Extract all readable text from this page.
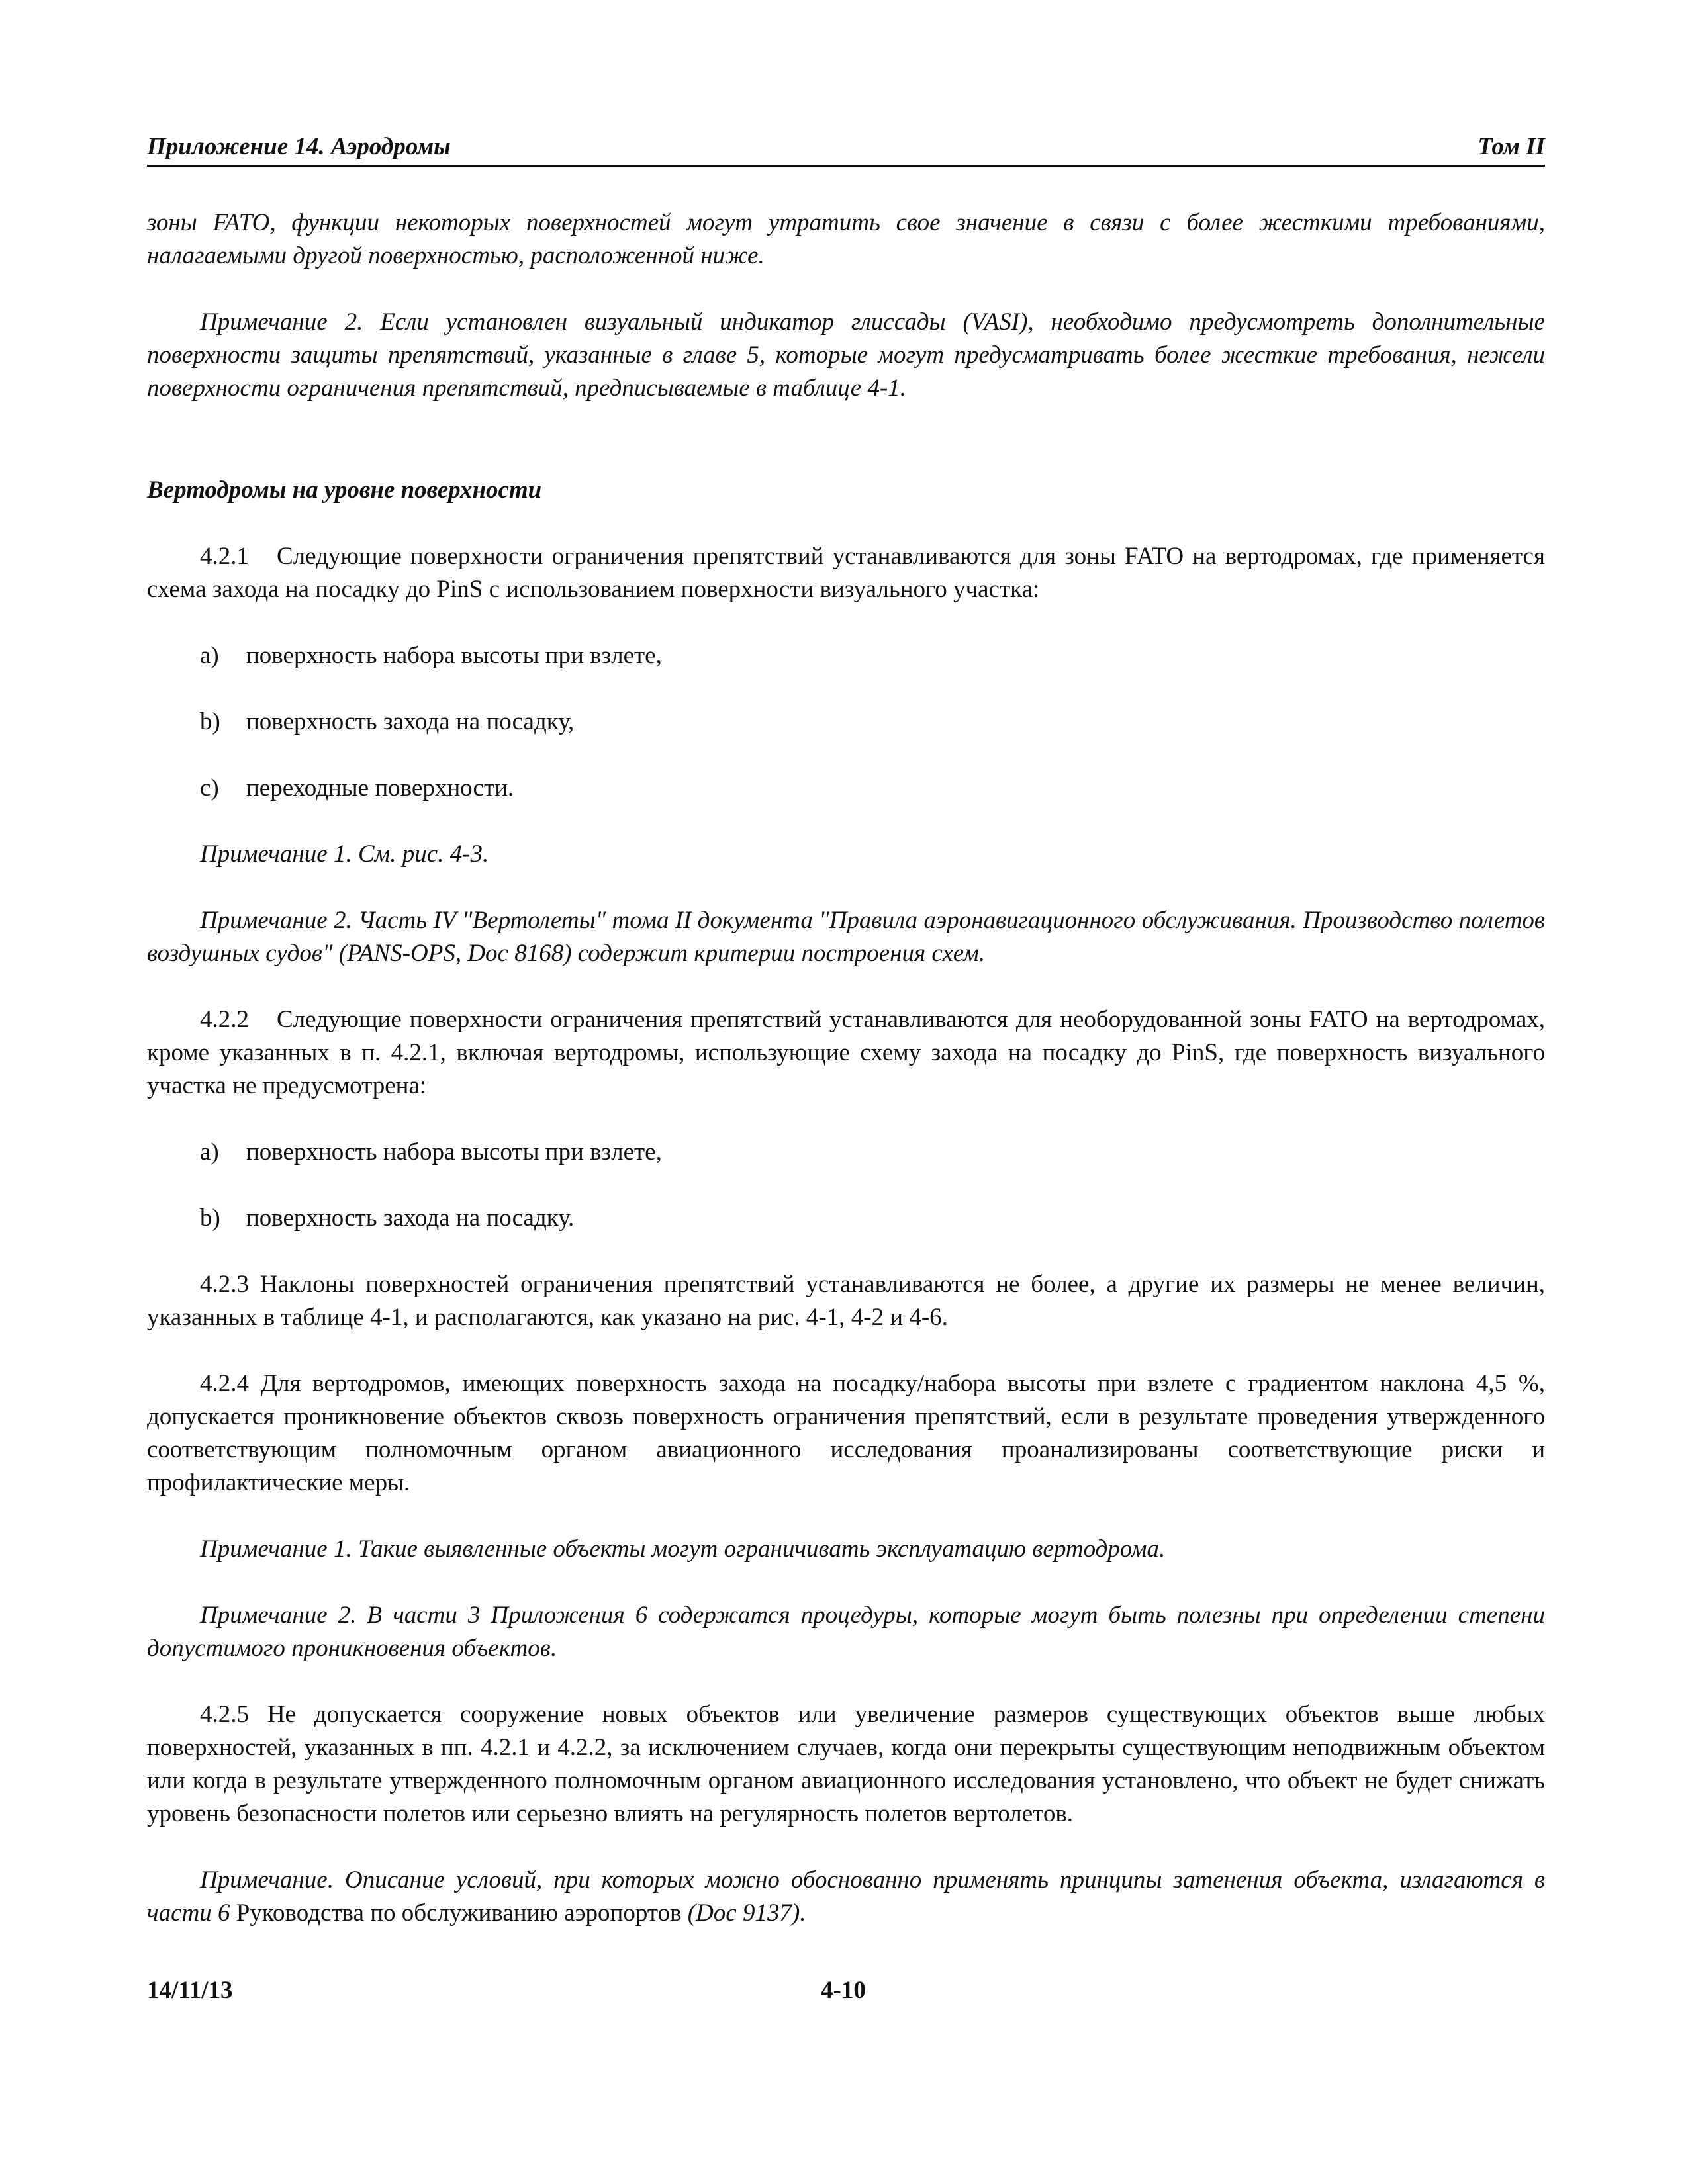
Приложение 14. Аэродромы	Том II

зоны FATO, функции некоторых поверхностей могут утратить свое значение в связи с более жесткими требованиями, налагаемыми другой поверхностью, расположенной ниже.

Примечание 2. Если установлен визуальный индикатор глиссады (VASI), необходимо предусмотреть дополнительные поверхности защиты препятствий, указанные в главе 5, которые могут предусматривать более жесткие требования, нежели поверхности ограничения препятствий, предписываемые в таблице 4-1.

Вертодромы на уровне поверхности

4.2.1 Следующие поверхности ограничения препятствий устанавливаются для зоны FATO на вертодромах, где применяется схема захода на посадку до PinS с использованием поверхности визуального участка:

a) поверхность набора высоты при взлете,

b) поверхность захода на посадку,

c) переходные поверхности.

Примечание 1. См. рис. 4-3.

Примечание 2. Часть IV "Вертолеты" тома II документа "Правила аэронавигационного обслуживания. Производство полетов воздушных судов" (PANS-OPS, Doc 8168) содержит критерии построения схем.

4.2.2 Следующие поверхности ограничения препятствий устанавливаются для необорудованной зоны FATO на вертодромах, кроме указанных в п. 4.2.1, включая вертодромы, использующие схему захода на посадку до PinS, где поверхность визуального участка не предусмотрена:

a) поверхность набора высоты при взлете,

b) поверхность захода на посадку.

4.2.3 Наклоны поверхностей ограничения препятствий устанавливаются не более, а другие их размеры не менее величин, указанных в таблице 4-1, и располагаются, как указано на рис. 4-1, 4-2 и 4-6.

4.2.4 Для вертодромов, имеющих поверхность захода на посадку/набора высоты при взлете с градиентом наклона 4,5 %, допускается проникновение объектов сквозь поверхность ограничения препятствий, если в результате проведения утвержденного соответствующим полномочным органом авиационного исследования проанализированы соответствующие риски и профилактические меры.

Примечание 1. Такие выявленные объекты могут ограничивать эксплуатацию вертодрома.

Примечание 2. В части 3 Приложения 6 содержатся процедуры, которые могут быть полезны при определении степени допустимого проникновения объектов.

4.2.5 Не допускается сооружение новых объектов или увеличение размеров существующих объектов выше любых поверхностей, указанных в пп. 4.2.1 и 4.2.2, за исключением случаев, когда они перекрыты существующим неподвижным объектом или когда в результате утвержденного полномочным органом авиационного исследования установлено, что объект не будет снижать уровень безопасности полетов или серьезно влиять на регулярность полетов вертолетов.

Примечание. Описание условий, при которых можно обоснованно применять принципы затенения объекта, излагаются в части 6 Руководства по обслуживанию аэропортов (Doc 9137).

14/11/13	4-10
